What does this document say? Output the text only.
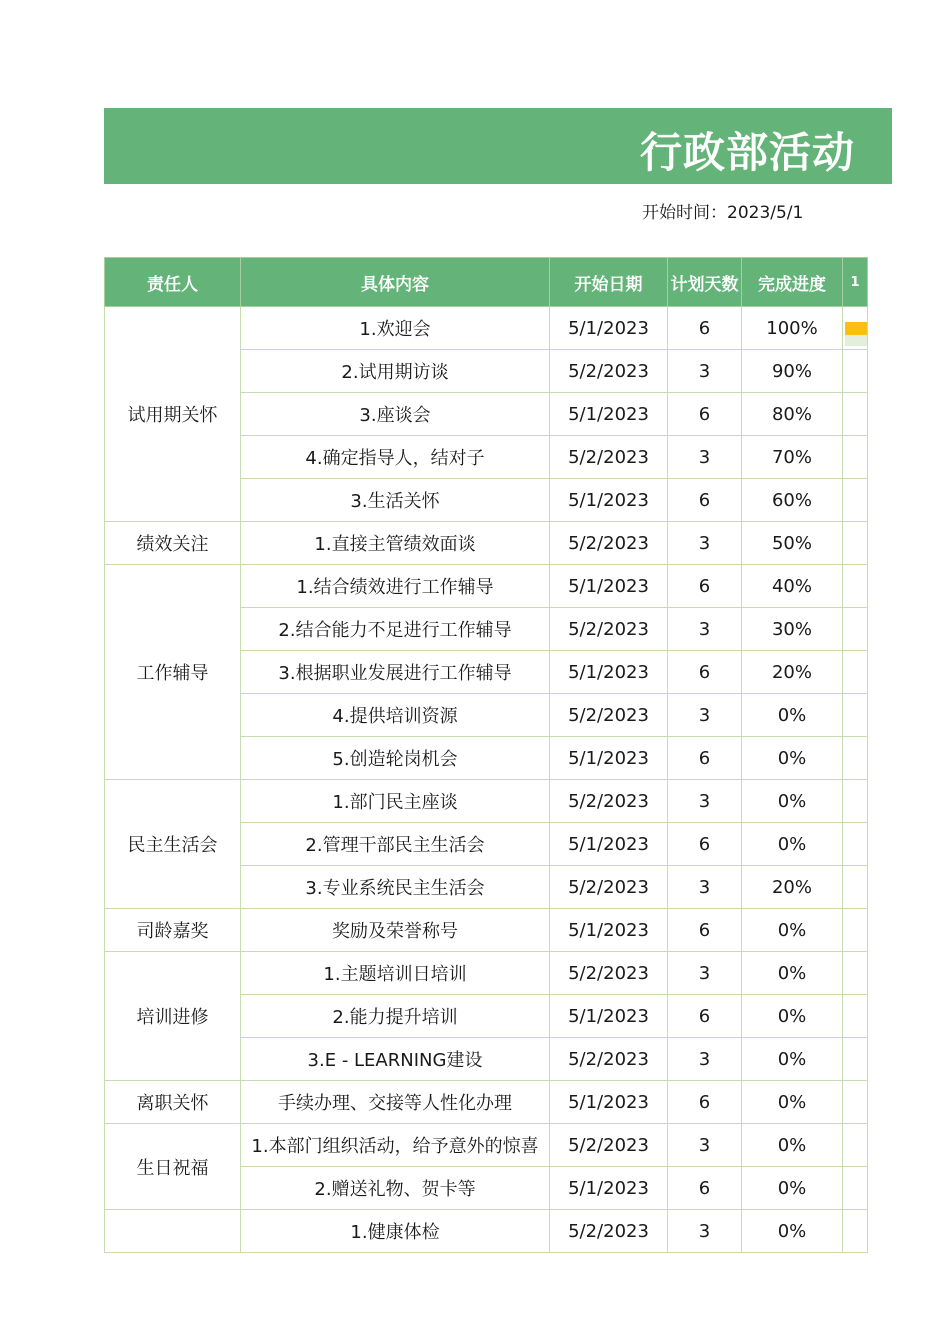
行政部活动
开始时间：2023/5/1
责任人	具体内容	开始日期	计划天数	完成进度	1
试用期关怀	1.欢迎会	5/1/2023	6	100%	

	2.试用期访谈	5/2/2023	3	90%	
	3.座谈会	5/1/2023	6	80%	
	4.确定指导人，结对子	5/2/2023	3	70%	
	3.生活关怀	5/1/2023	6	60%	
绩效关注	1.直接主管绩效面谈	5/2/2023	3	50%	
工作辅导	1.结合绩效进行工作辅导	5/1/2023	6	40%	
	2.结合能力不足进行工作辅导	5/2/2023	3	30%	
	3.根据职业发展进行工作辅导	5/1/2023	6	20%	
	4.提供培训资源	5/2/2023	3	0%	
	5.创造轮岗机会	5/1/2023	6	0%	
民主生活会	1.部门民主座谈	5/2/2023	3	0%	
	2.管理干部民主生活会	5/1/2023	6	0%	
	3.专业系统民主生活会	5/2/2023	3	20%	
司龄嘉奖	奖励及荣誉称号	5/1/2023	6	0%	
培训进修	1.主题培训日培训	5/2/2023	3	0%	
	2.能力提升培训	5/1/2023	6	0%	
	3.E - LEARNING建设	5/2/2023	3	0%	
离职关怀	手续办理、交接等人性化办理	5/1/2023	6	0%	
生日祝福	1.本部门组织活动，给予意外的惊喜	5/2/2023	3	0%	
	2.赠送礼物、贺卡等	5/1/2023	6	0%	
	1.健康体检	5/2/2023	3	0%	
